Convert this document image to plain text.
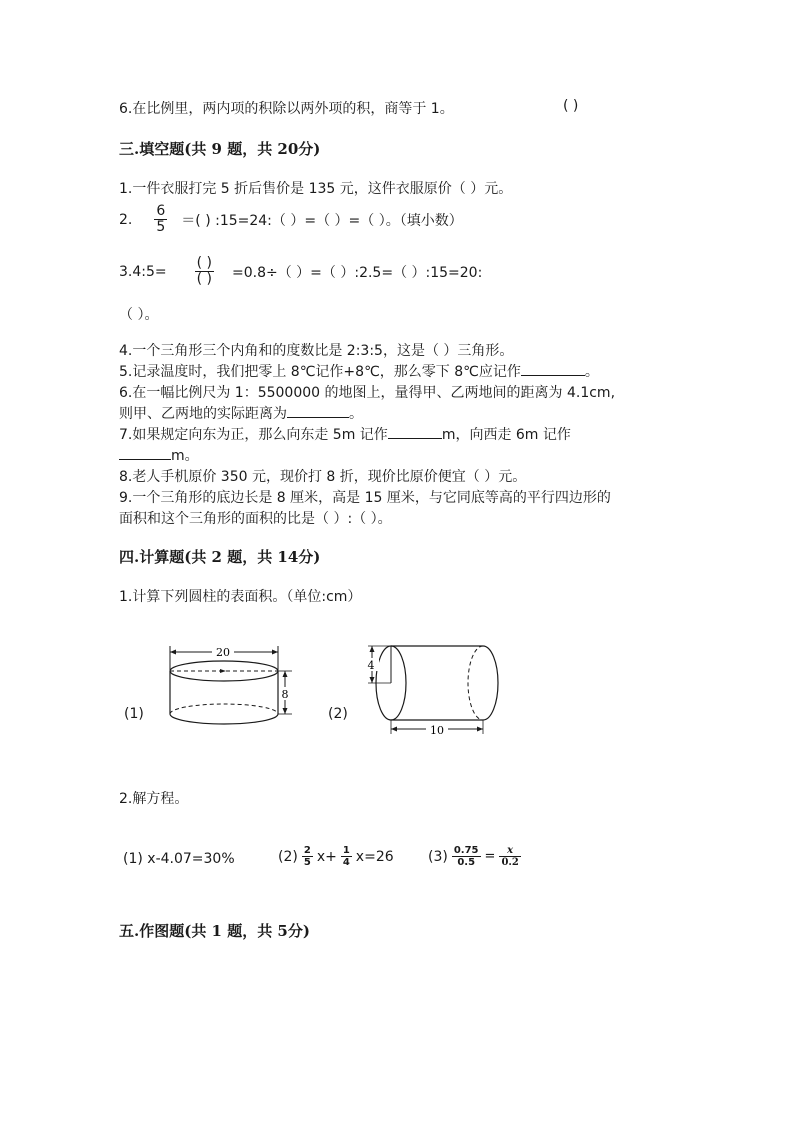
6.在比例里，两内项的积除以两外项的积，商等于 1。	( )
三.填空题(共 9 题，共 20分)
1.一件衣服打完 5 折后售价是 135 元，这件衣服原价（ ）元。
2. $\frac{6}{5}$ ＝( ) :15=24:（ ）=（ ）=（ ）。（填小数）
3.4:5= $\frac{( )}{( )} =0.8\div$（ ）=（ ）:2.5=（ ）:15=20:
（ ）。
4.一个三角形三个内角和的度数比是 2:3:5，这是（ ）三角形。
5.记录温度时，我们把零上 8℃记作+8℃，那么零下 8℃应记作	。
6.在一幅比例尺为 1：5500000 的地图上，量得甲、乙两地间的距离为 4.1cm,
则甲、乙两地的实际距离为	。
7.如果规定向东为正，那么向东走 5m 记作	m，向西走 6m 记作
m。
8.老人手机原价 350 元，现价打 8 折，现价比原价便宜（ ）元。
9.一个三角形的底边长是 8 厘米，高是 15 厘米，与它同底等高的平行四边形的
面积和这个三角形的面积的比是（ ）:（ ）。
四.计算题(共 2 题，共 14分)
1.计算下列圆柱的表面积。（单位:cm）
(1)
20
8
(2)
4
10
2.解方程。
(1) x-4.07=30%	$(2) \frac{2}{5} x+ \frac{1}{4} x=26$ $(3) \frac{0.75}{0.5} = \frac{x}{0.2}$
五.作图题(共 1 题，共 5分)
